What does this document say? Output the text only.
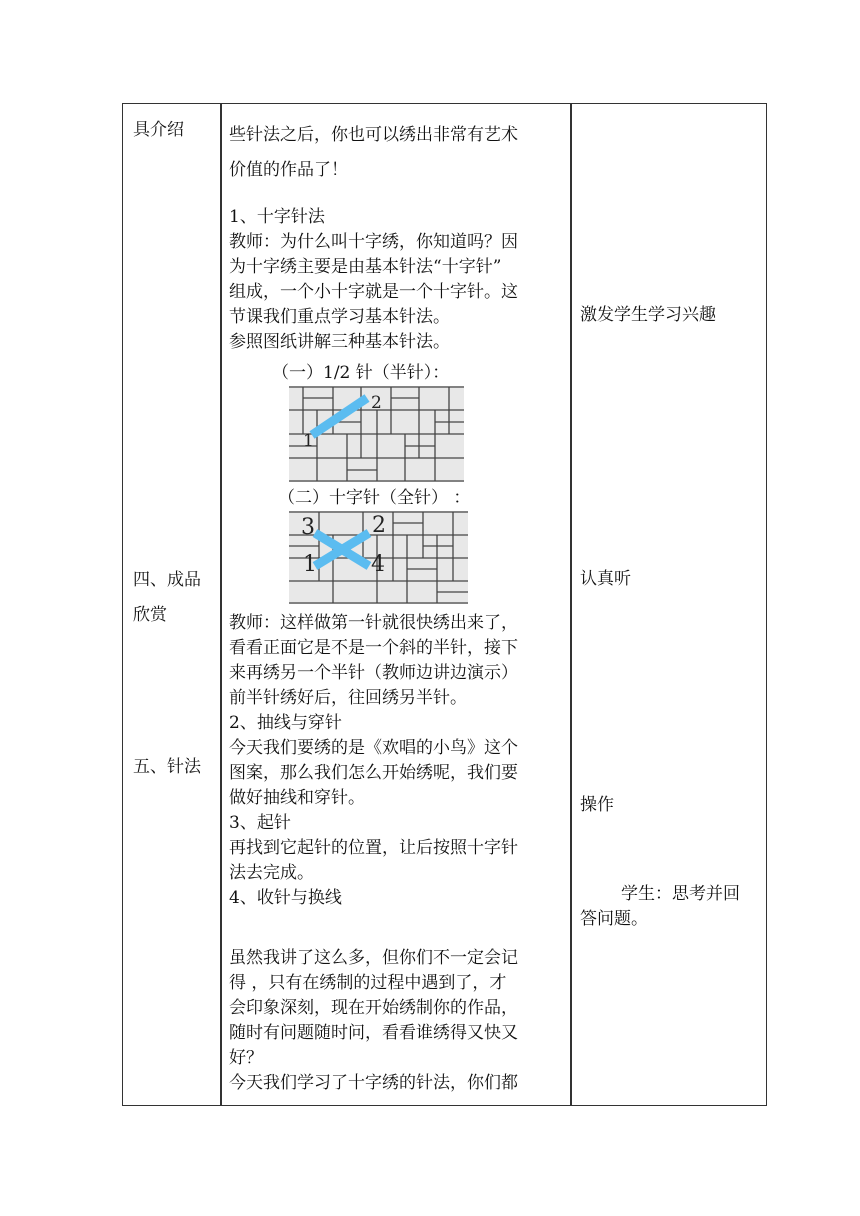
具介绍
四、成品
欣赏
五、针法
些针法之后，你也可以绣出非常有艺术
价值的作品了！
1、十字针法
教师：为什么叫十字绣，你知道吗？因
为十字绣主要是由基本针法“十字针”
组成，一个小十字就是一个十字针。这
节课我们重点学习基本针法。
参照图纸讲解三种基本针法。
（一）1/2 针（半针）：
1
2
（二）十字针（全针） ：
3	2
1 4
教师：这样做第一针就很快绣出来了，
看看正面它是不是一个斜的半针，接下
来再绣另一个半针（教师边讲边演示）
前半针绣好后，往回绣另半针。
2、抽线与穿针
今天我们要绣的是《欢唱的小鸟》这个
图案，那么我们怎么开始绣呢，我们要
做好抽线和穿针。
3、起针
再找到它起针的位置，让后按照十字针
法去完成。
4、收针与换线
虽然我讲了这么多，但你们不一定会记
得 ，只有在绣制的过程中遇到了，才
会印象深刻，现在开始绣制你的作品，
随时有问题随时问，看看谁绣得又快又
好？
今天我们学习了十字绣的针法，你们都
激发学生学习兴趣
认真听
操作
学生：思考并回
答问题。
